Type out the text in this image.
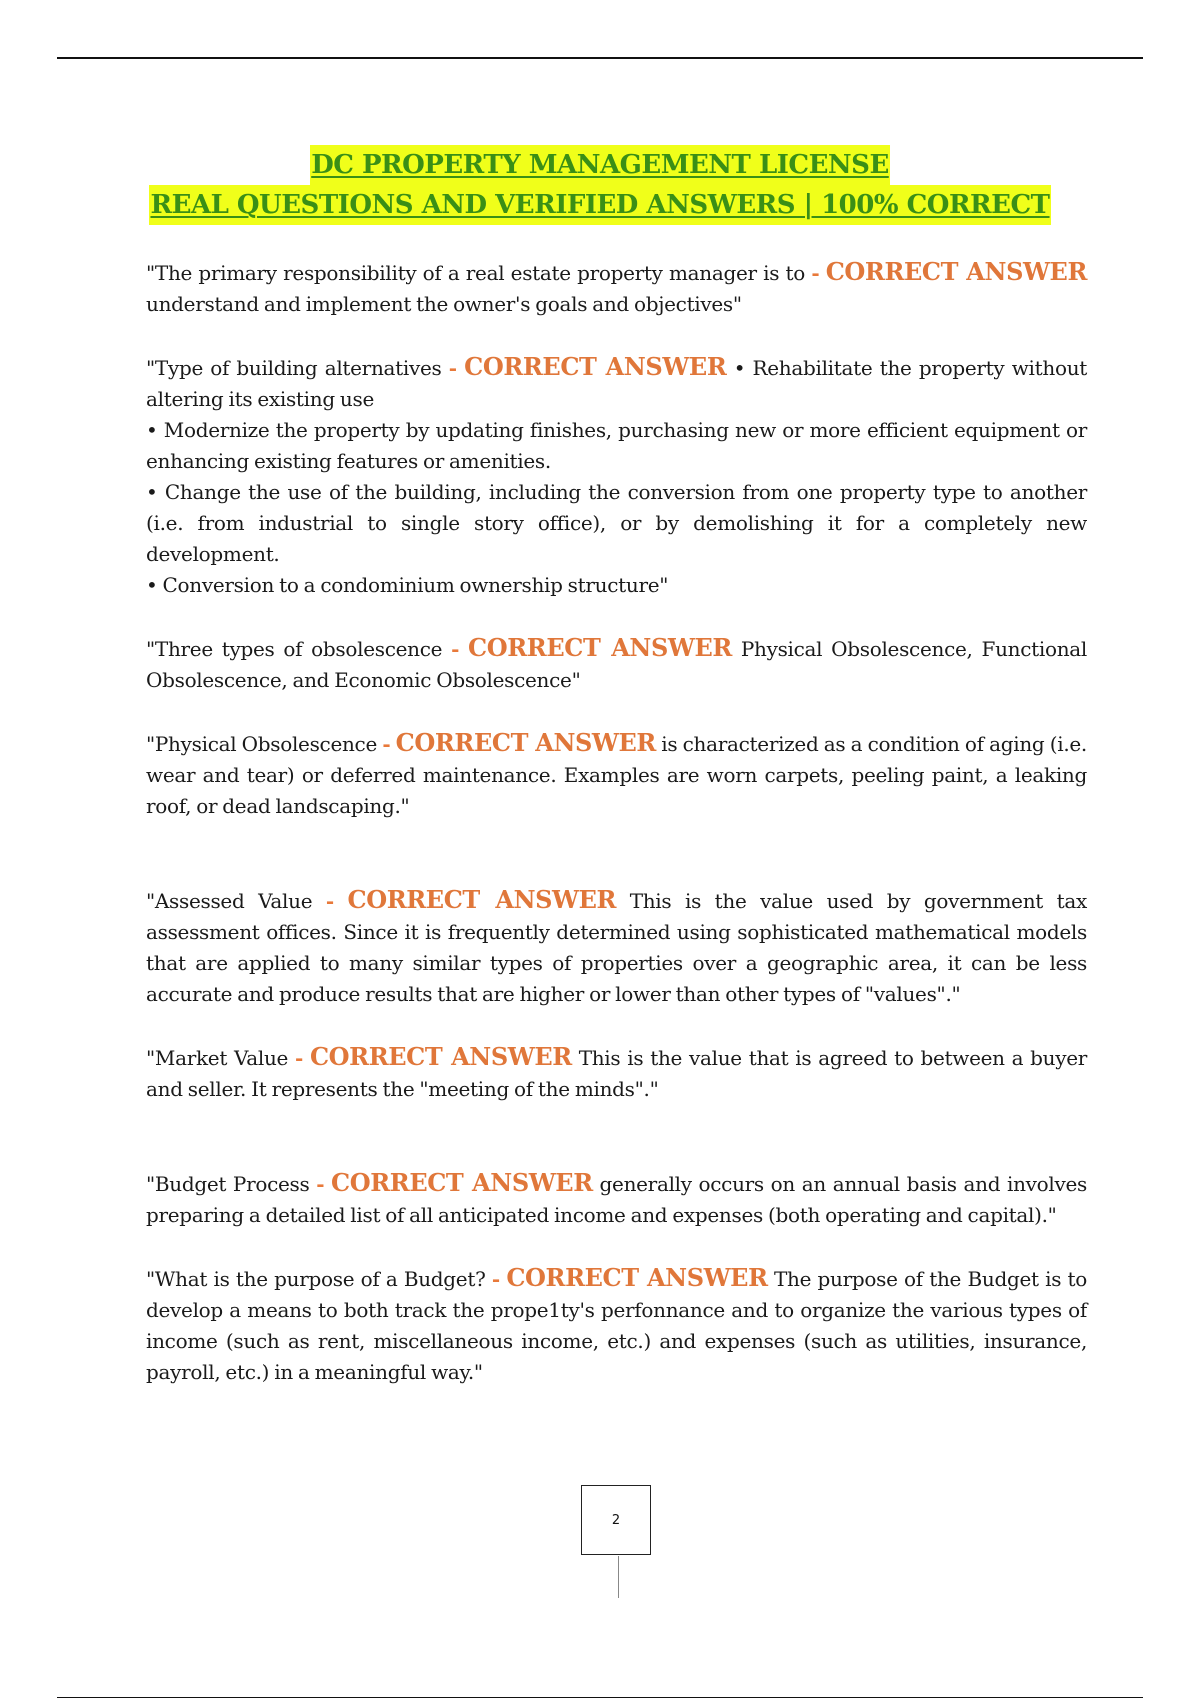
DC PROPERTY MANAGEMENT LICENSE
REAL QUESTIONS AND VERIFIED ANSWERS | 100% CORRECT

"The primary responsibility of a real estate property manager is to - CORRECT ANSWER understand and implement the owner's goals and objectives"

"Type of building alternatives - CORRECT ANSWER • Rehabilitate the property without altering its existing use
• Modernize the property by updating finishes, purchasing new or more efficient equipment or enhancing existing features or amenities.
• Change the use of the building, including the conversion from one property type to another (i.e. from industrial to single story office), or by demolishing it for a completely new development.
• Conversion to a condominium ownership structure"

"Three types of obsolescence - CORRECT ANSWER Physical Obsolescence, Functional Obsolescence, and Economic Obsolescence"

"Physical Obsolescence - CORRECT ANSWER is characterized as a condition of aging (i.e. wear and tear) or deferred maintenance. Examples are worn carpets, peeling paint, a leaking roof, or dead landscaping."

"Assessed Value - CORRECT ANSWER This is the value used by government tax assessment offices. Since it is frequently determined using sophisticated mathematical models that are applied to many similar types of properties over a geographic area, it can be less accurate and produce results that are higher or lower than other types of "values"."

"Market Value - CORRECT ANSWER This is the value that is agreed to between a buyer and seller. It represents the "meeting of the minds"."

"Budget Process - CORRECT ANSWER generally occurs on an annual basis and involves preparing a detailed list of all anticipated income and expenses (both operating and capital)."

"What is the purpose of a Budget? - CORRECT ANSWER The purpose of the Budget is to develop a means to both track the prope1ty's perfonnance and to organize the various types of income (such as rent, miscellaneous income, etc.) and expenses (such as utilities, insurance, payroll, etc.) in a meaningful way."

2
